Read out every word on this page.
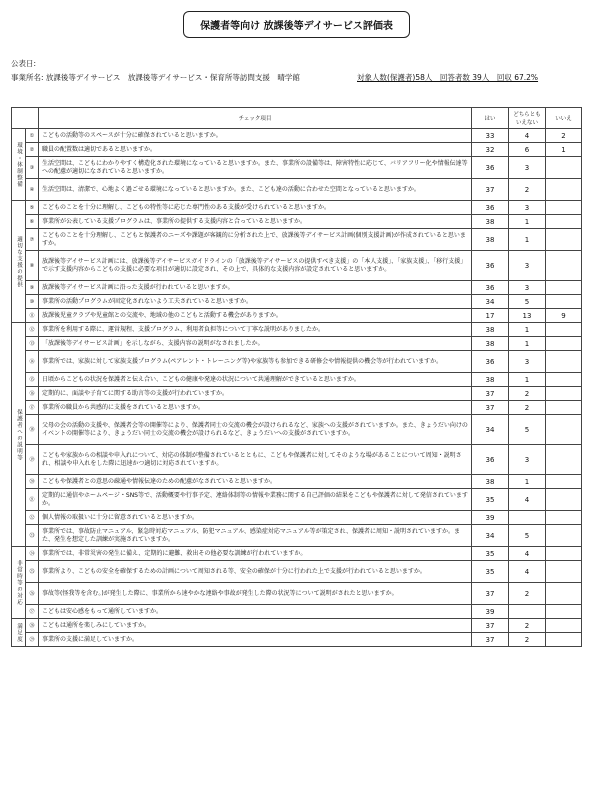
保護者等向け 放課後等デイサービス評価表
公表日:
事業所名: 放課後等デイサービス　放課後等デイサービス・保育所等訪問支援　晴学館	対象人数(保護者)58人　回答者数 39人　回収 67.2%
		チェック項目	はい	どちらともいえない	いいえ
環境・体制整備	①	こどもの活動等のスペースが十分に確保されていると思いますか。	33	4	2
	②	職員の配置数は適切であると思いますか。	32	6	1
	③	生活空間は、こどもにわかりやすく構造化された環境になっていると思いますか。また、事業所の設備等は、障害特性に応じて、バリアフリー化や情報伝達等への配慮が適切になされていると思いますか。	36	3	
	④	生活空間は、清潔で、心地よく過ごせる環境になっていると思いますか。また、こども達の活動に合わせた空間となっていると思いますか。	37	2	
適切な支援の提供	⑤	こどものことを十分に理解し、こどもの特性等に応じた専門性のある支援が受けられていると思いますか。	36	3	
	⑥	事業所が公表している支援プログラムは、事業所の提供する支援内容と合っていると思いますか。	38	1	
	⑦	こどものことを十分理解し、こどもと保護者のニーズや課題が客観的に分析された上で、放課後等デイサービス計画(個別支援計画)が作成されていると思いますか。	38	1	
	⑧	放課後等デイサービス計画には、放課後等デイサービスガイドラインの「放課後等デイサービスの提供すべき支援」の「本人支援」、「家族支援」、「移行支援」で示す支援内容からこどもの支援に必要な項目が適切に設定され、その上で、具体的な支援内容が設定されていると思いますか。	36	3	
	⑨	放課後等デイサービス計画に沿った支援が行われていると思いますか。	36	3	
	⑩	事業所の活動プログラムが固定化されないよう工夫されていると思いますか。	34	5	
	⑪	放課後児童クラブや児童館との交流や、地域の他のこどもと活動する機会がありますか。	17	13	9
保護者への説明等	⑫	事業所を利用する際に、運営規程、支援プログラム、利用者負担等について丁寧な説明がありましたか。	38	1	
	⑬	「放課後等デイサービス計画」を示しながら、支援内容の説明がなされましたか。	38	1	
	⑭	事業所では、家族に対して家族支援プログラム(ペアレント・トレーニング等)や家族等も参加できる研修会や情報提供の機会等が行われていますか。	36	3	
	⑮	日頃からこどもの状況を保護者と伝え合い、こどもの健康や発達の状況について共通理解ができていると思いますか。	38	1	
	⑯	定期的に、面談や子育てに関する助言等の支援が行われていますか。	37	2	
	⑰	事業所の職員から共感的に支援をされていると思いますか。	37	2	
	⑱	父母の会の活動の支援や、保護者会等の開催等により、保護者同士の交流の機会が設けられるなど、家族への支援がされていますか。また、きょうだい向けのイベントの開催等により、きょうだい同士の交流の機会が設けられるなど、きょうだいへの支援がされていますか。	34	5	
	⑲	こどもや家族からの相談や申入れについて、対応の体制が整備されているとともに、こどもや保護者に対してそのような場があることについて周知・説明され、相談や申入れをした際に迅速かつ適切に対応されていますか。	36	3	
	⑳	こどもや保護者との意思の疎通や情報伝達のための配慮がなされていると思いますか。	38	1	
	㉑	定期的に通信やホームページ・SNS等で、活動概要や行事予定、連絡体制等の情報や業務に関する自己評価の結果をこどもや保護者に対して発信されていますか。	35	4	
	㉒	個人情報の取扱いに十分に留意されていると思いますか。	39		
	㉓	事業所では、事故防止マニュアル、緊急時対応マニュアル、防犯マニュアル、感染症対応マニュアル等が策定され、保護者に周知・説明されていますか。また、発生を想定した訓練が実施されていますか。	34	5	
非常時等の対応	㉔	事業所では、非常災害の発生に備え、定期的に避難、救出その他必要な訓練が行われていますか。	35	4	
	㉕	事業所より、こどもの安全を確保するための計画について周知される等、安全の確保が十分に行われた上で支援が行われていると思いますか。	35	4	
	㉖	事故等(怪我等を含む。)が発生した際に、事業所から速やかな連絡や事故が発生した際の状況等について説明がされたと思いますか。	37	2	
	㉗	こどもは安心感をもって通所していますか。	39		
満足度	㉘	こどもは通所を楽しみにしていますか。	37	2	
	㉙	事業所の支援に満足していますか。	37	2	
